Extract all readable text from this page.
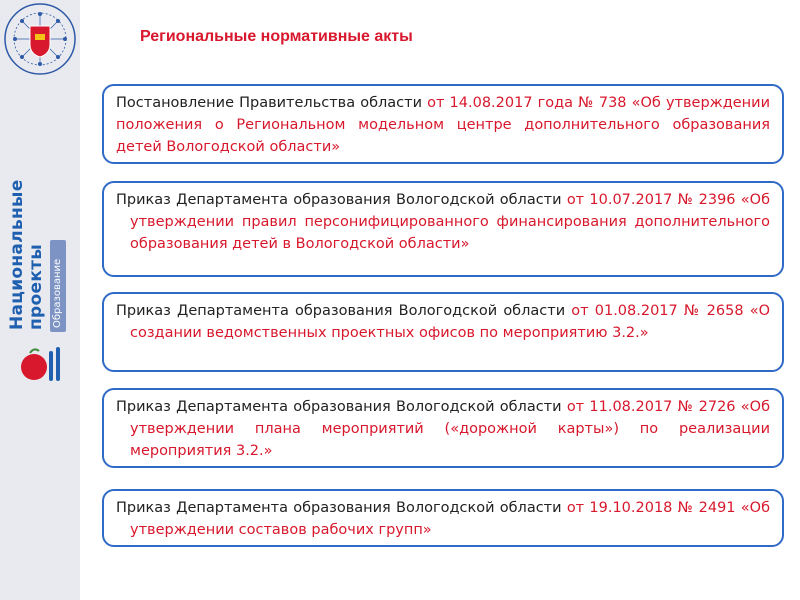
Образование
Национальные проекты
Региональные нормативные акты
Постановление Правительства области от 14.08.2017 года № 738 «Об утверждении положения о Региональном модельном центре дополнительного образования детей Вологодской области»
Приказ Департамента образования Вологодской области от 10.07.2017 № 2396 «Об утверждении правил персонифицированного финансирования дополнительного образования детей в Вологодской области»
Приказ Департамента образования Вологодской области от 01.08.2017 № 2658 «О создании ведомственных проектных офисов по мероприятию 3.2.»
Приказ Департамента образования Вологодской области от 11.08.2017 № 2726 «Об утверждении плана мероприятий («дорожной карты») по реализации мероприятия 3.2.»
Приказ Департамента образования Вологодской области от 19.10.2018 № 2491 «Об утверждении составов рабочих групп»
